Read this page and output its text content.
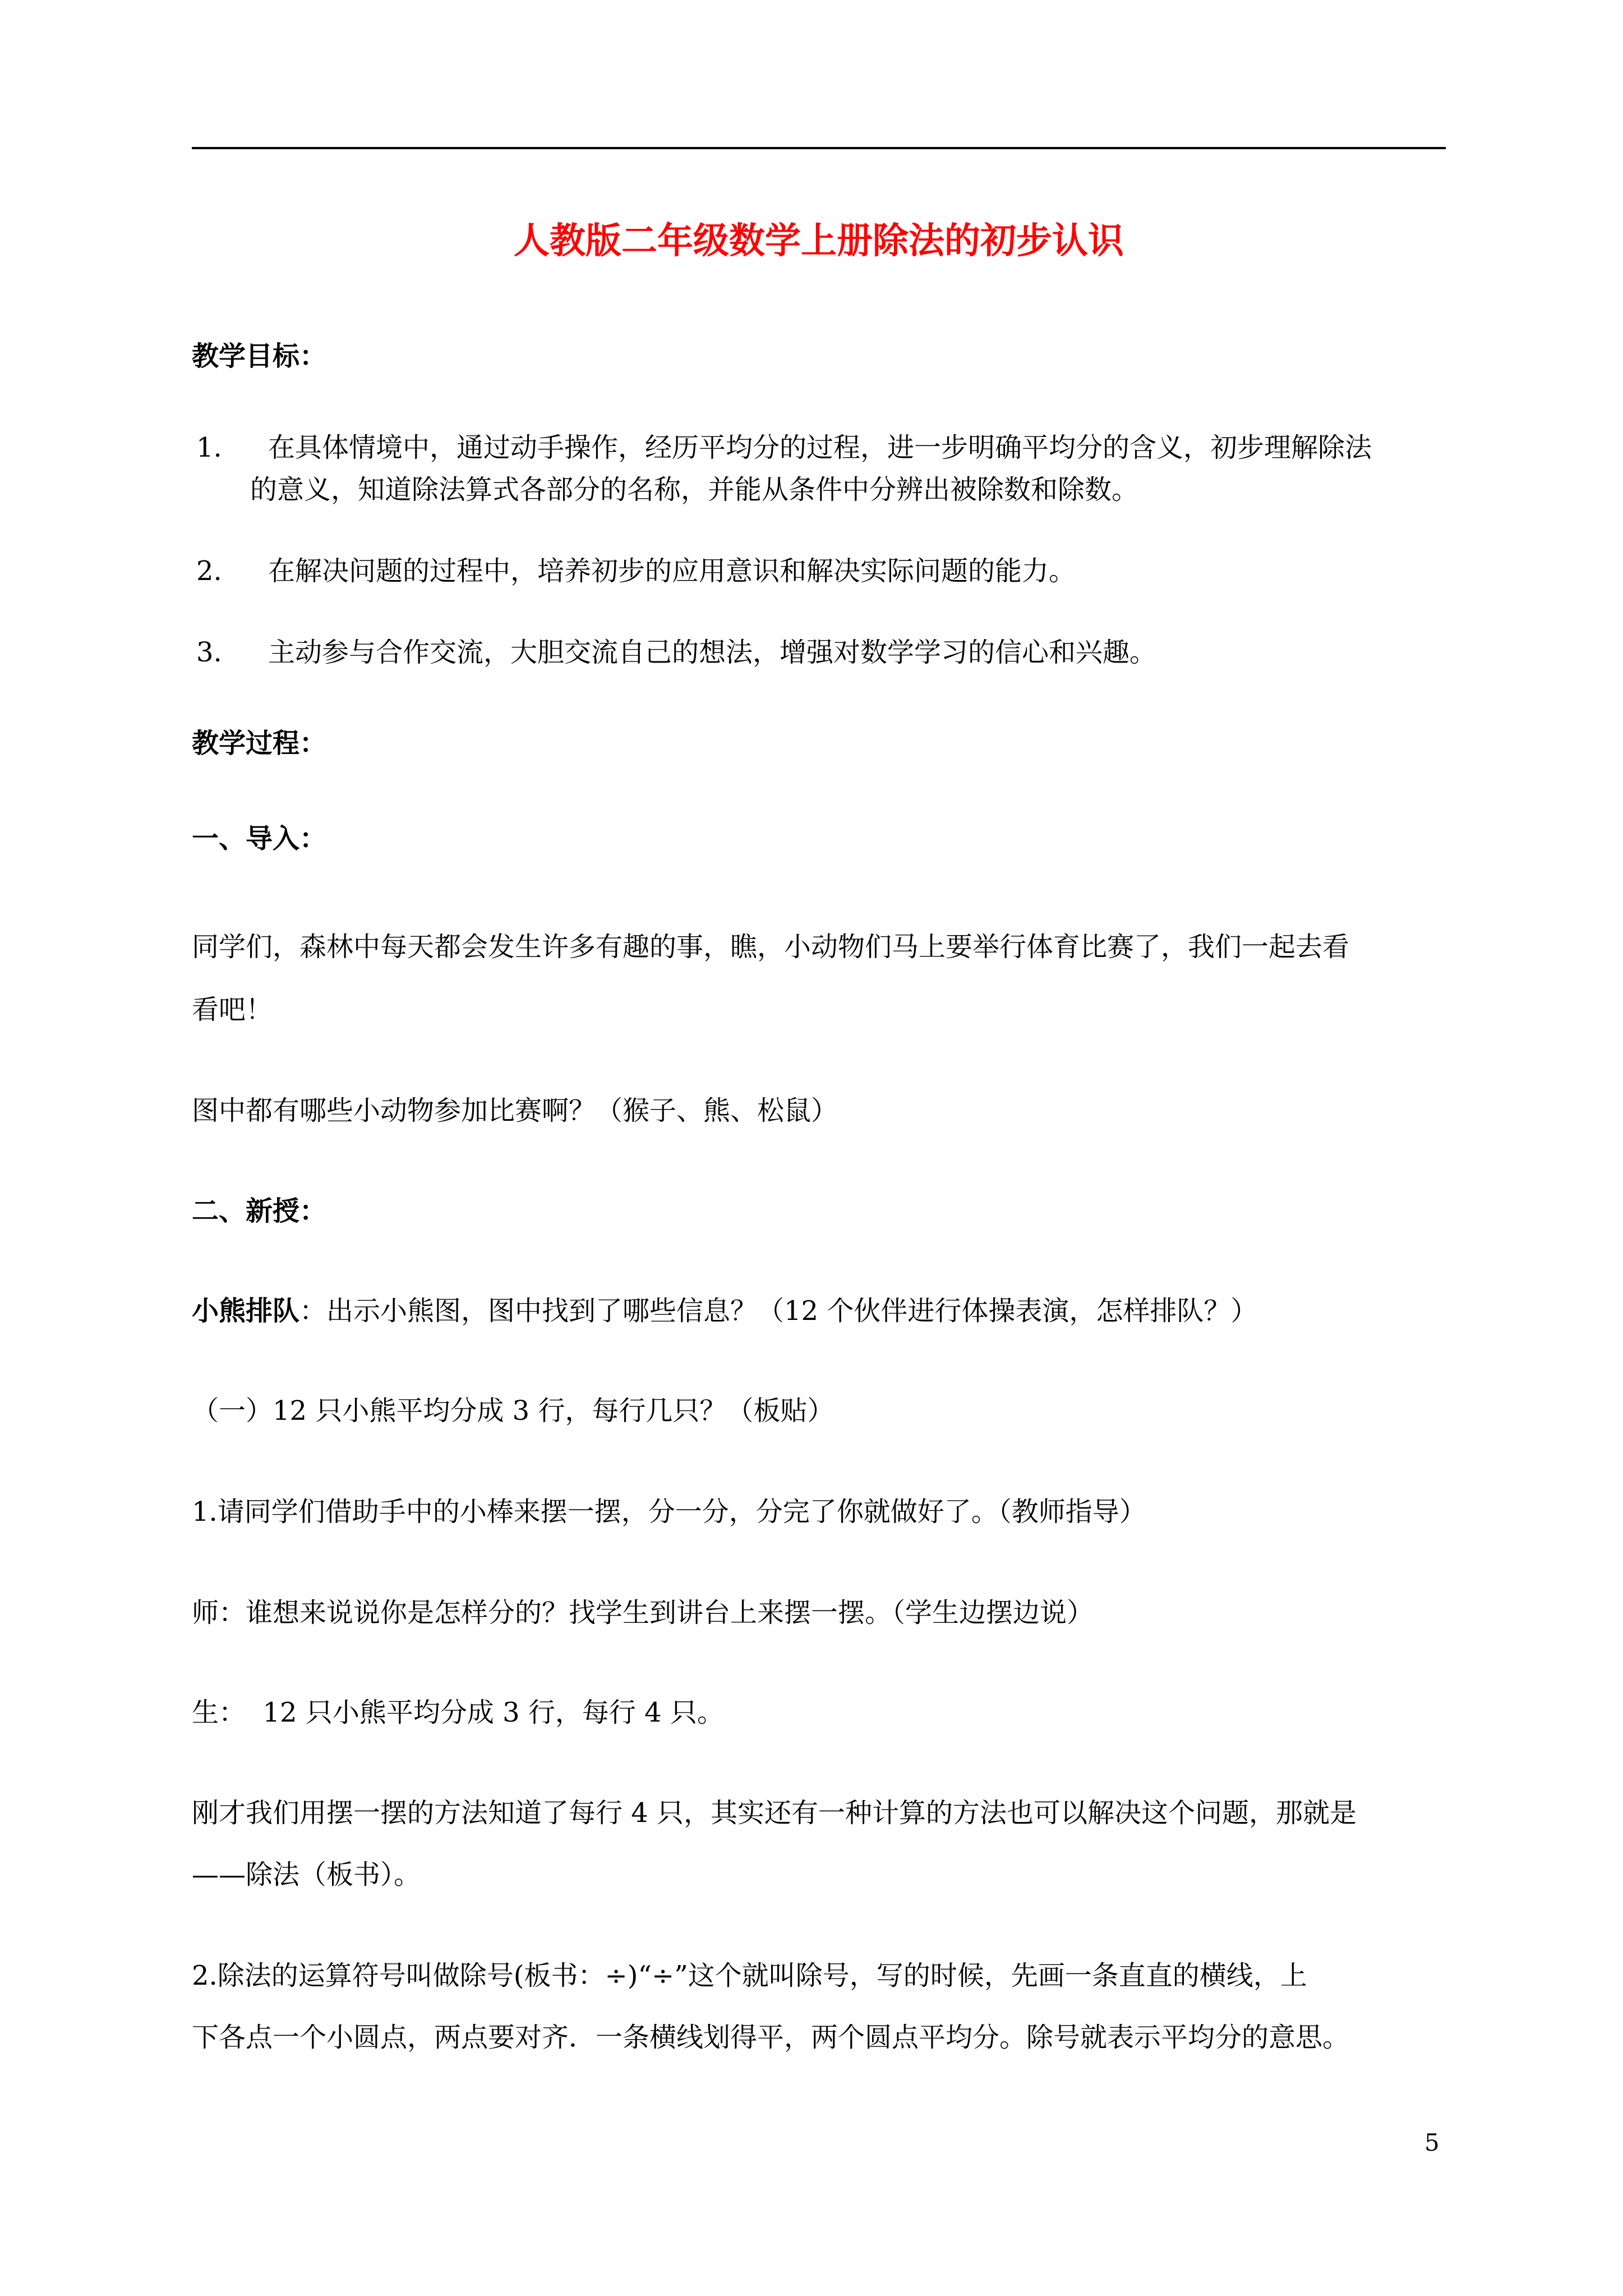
人教版二年级数学上册除法的初步认识
教学目标：
1. 在具体情境中，通过动手操作，经历平均分的过程，进一步明确平均分的含义，初步理解除法
的意义，知道除法算式各部分的名称，并能从条件中分辨出被除数和除数。
2. 在解决问题的过程中，培养初步的应用意识和解决实际问题的能力。
3. 主动参与合作交流，大胆交流自己的想法，增强对数学学习的信心和兴趣。
教学过程：
一、导入：
同学们，森林中每天都会发生许多有趣的事，瞧，小动物们马上要举行体育比赛了，我们一起去看
看吧！
图中都有哪些小动物参加比赛啊？（猴子、熊、松鼠）
二、新授：
小熊排队：出示小熊图，图中找到了哪些信息？（12 个伙伴进行体操表演，怎样排队？）
（一）12 只小熊平均分成 3 行，每行几只？（板贴）
1.请同学们借助手中的小棒来摆一摆，分一分，分完了你就做好了。（教师指导）
师：谁想来说说你是怎样分的？找学生到讲台上来摆一摆。（学生边摆边说）
生：  12 只小熊平均分成 3 行，每行 4 只。
刚才我们用摆一摆的方法知道了每行 4 只，其实还有一种计算的方法也可以解决这个问题，那就是
——除法（板书）。
2.除法的运算符号叫做除号(板书：÷)“÷”这个就叫除号，写的时候，先画一条直直的横线，上
下各点一个小圆点，两点要对齐．一条横线划得平，两个圆点平均分。除号就表示平均分的意思。
5
